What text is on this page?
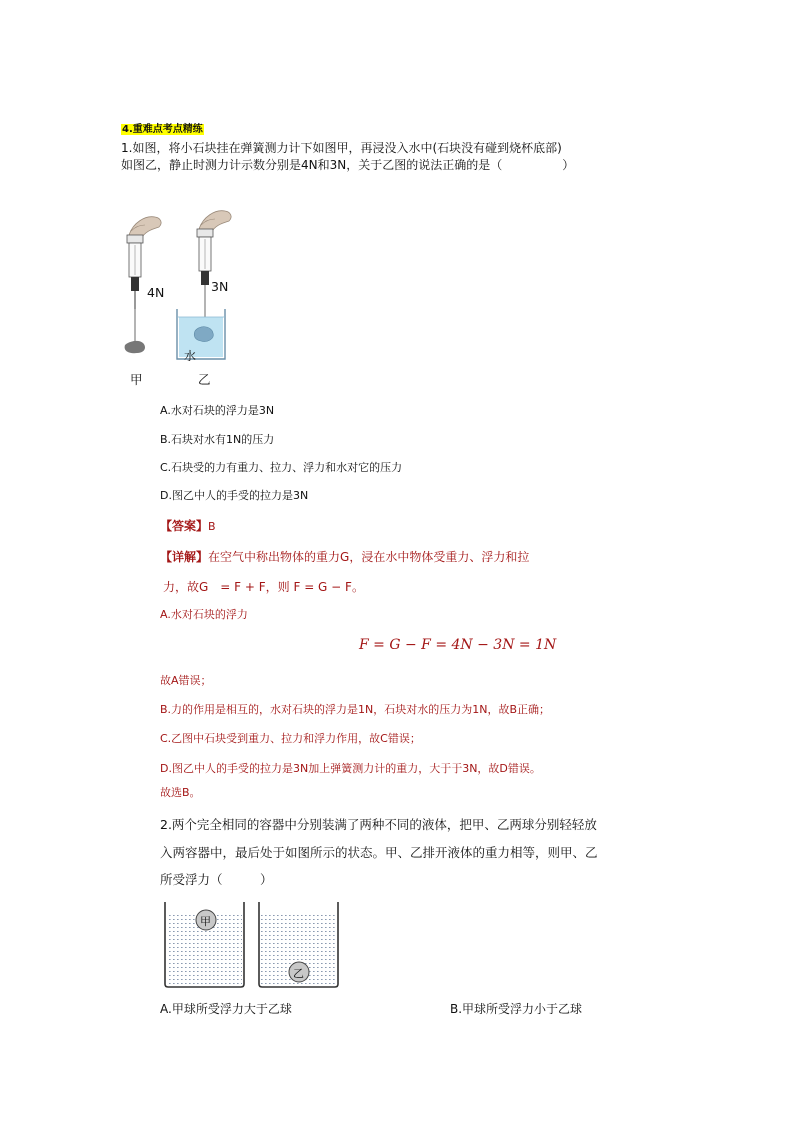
4.重难点考点精练
1.如图，将小石块挂在弹簧测力计下如图甲，再浸没入水中(石块没有碰到烧杯底部)
如图乙，静止时测力计示数分别是4N和3N，关于乙图的说法正确的是（　　　　　）
4N	3N
水
甲	乙
A.水对石块的浮力是3N
B.石块对水有1N的压力
C.石块受的力有重力、拉力、浮力和水对它的压力
D.图乙中人的手受的拉力是3N
【答案】B
【详解】在空气中称出物体的重力G，浸在水中物体受重力、浮力和拉
力，故G　= F + F，则 F = G − F。
A.水对石块的浮力
F = G − F = 4N − 3N = 1N
故A错误；
B.力的作用是相互的，水对石块的浮力是1N，石块对水的压力为1N，故B正确；
C.乙图中石块受到重力、拉力和浮力作用，故C错误；
D.图乙中人的手受的拉力是3N加上弹簧测力计的重力，大于于3N，故D错误。
故选B。
2.两个完全相同的容器中分别装满了两种不同的液体，把甲、乙两球分别轻轻放
入两容器中，最后处于如图所示的状态。甲、乙排开液体的重力相等，则甲、乙
所受浮力（　　　）
甲
乙
A.甲球所受浮力大于乙球	B.甲球所受浮力小于乙球
